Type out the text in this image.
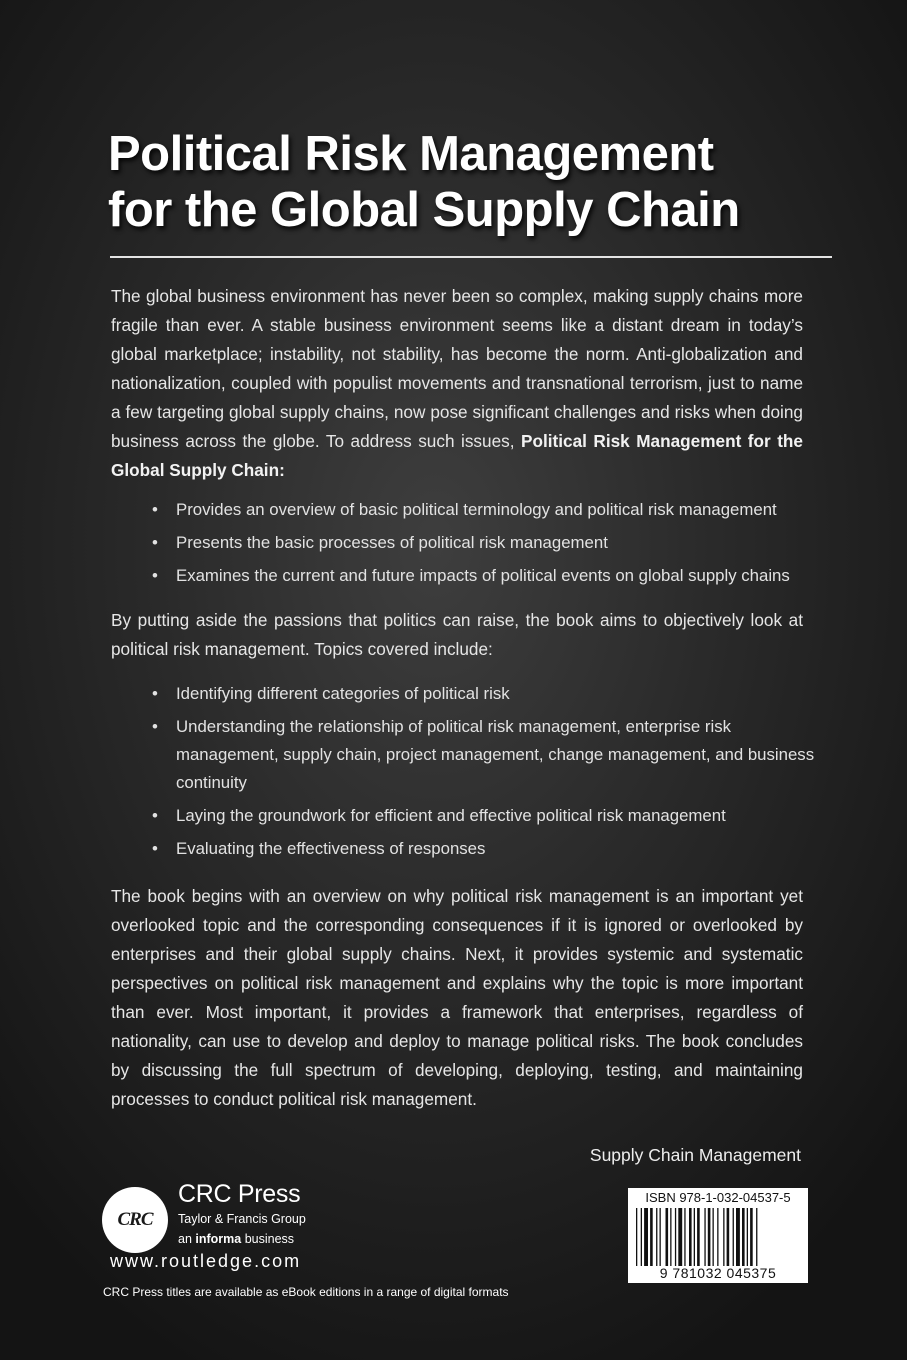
Political Risk Management
for the Global Supply Chain

The global business environment has never been so complex, making supply chains more fragile than ever. A stable business environment seems like a distant dream in today’s global marketplace; instability, not stability, has become the norm. Anti-globalization and nationalization, coupled with populist movements and transnational terrorism, just to name a few targeting global supply chains, now pose significant challenges and risks when doing business across the globe. To address such issues, Political Risk Management for the Global Supply Chain:

• Provides an overview of basic political terminology and political risk management
• Presents the basic processes of political risk management
• Examines the current and future impacts of political events on global supply chains

By putting aside the passions that politics can raise, the book aims to objectively look at political risk management. Topics covered include:

• Identifying different categories of political risk
• Understanding the relationship of political risk management, enterprise risk management, supply chain, project management, change management, and business continuity
• Laying the groundwork for efficient and effective political risk management
• Evaluating the effectiveness of responses

The book begins with an overview on why political risk management is an important yet overlooked topic and the corresponding consequences if it is ignored or overlooked by enterprises and their global supply chains. Next, it provides systemic and systematic perspectives on political risk management and explains why the topic is more important than ever. Most important, it provides a framework that enterprises, regardless of nationality, can use to develop and deploy to manage political risks. The book concludes by discussing the full spectrum of developing, deploying, testing, and maintaining processes to conduct political risk management.

Supply Chain Management
CRC
CRC Press
Taylor & Francis Group
an informa business
www.routledge.com
CRC Press titles are available as eBook editions in a range of digital formats
ISBN 978-1-032-04537-5
9 781032 045375
